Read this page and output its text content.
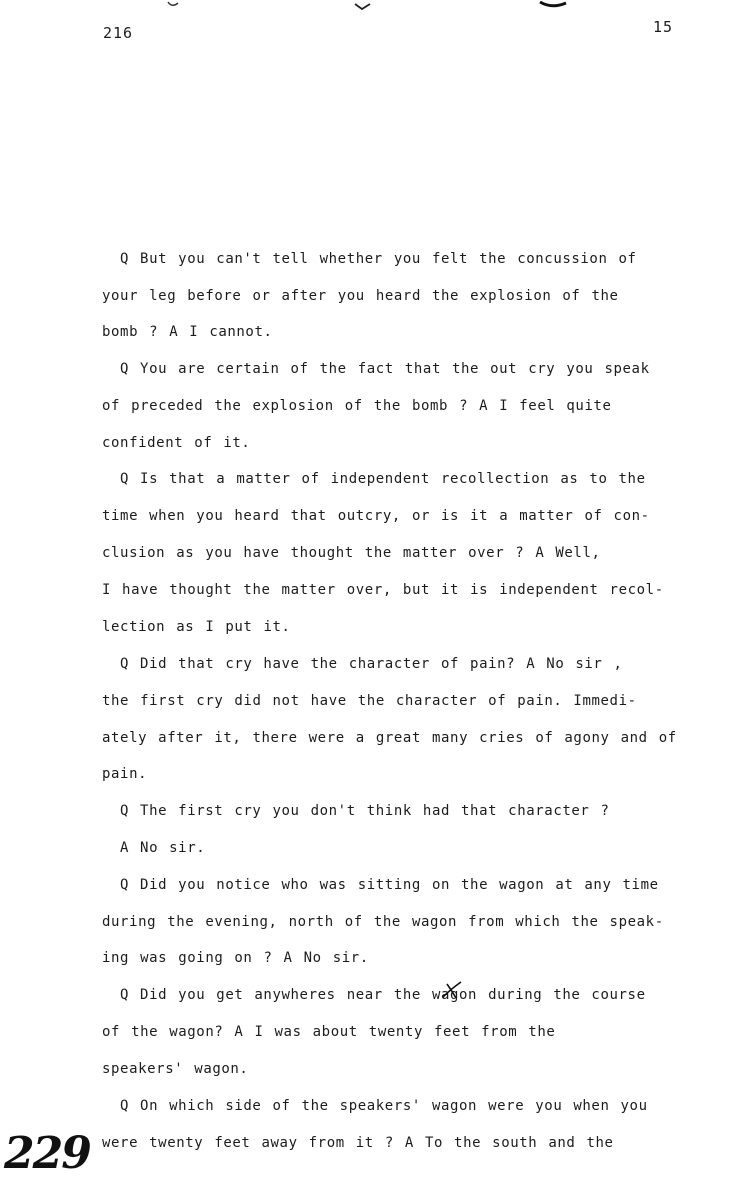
216	15
Q But you can't tell whether you felt the concussion of
your leg before or after you heard the explosion of the
bomb ? A I cannot.
Q You are certain of the fact that the out cry you speak
of preceded the explosion of the bomb ? A I feel quite
confident of it.
Q Is that a matter of independent recollection as to the
time when you heard that outcry, or is it a matter of con-
clusion as you have thought the matter over ? A Well,
I have thought the matter over, but it is independent recol-
lection as I put it.
Q Did that cry have the character of pain? A No sir ,
the first cry did not have the character of pain. Immedi-
ately after it, there were a great many cries of agony and of
pain.
Q The first cry you don't think had that character ?
A No sir.
Q Did you notice who was sitting on the wagon at any time
during the evening, north of the wagon from which the speak-
ing was going on ? A No sir.
Q Did you get anywheres near the wagon during the course
of the wagon? A I was about twenty feet from the
speakers' wagon.
Q On which side of the speakers' wagon were you when you
were twenty feet away from it ? A To the south and the
229
